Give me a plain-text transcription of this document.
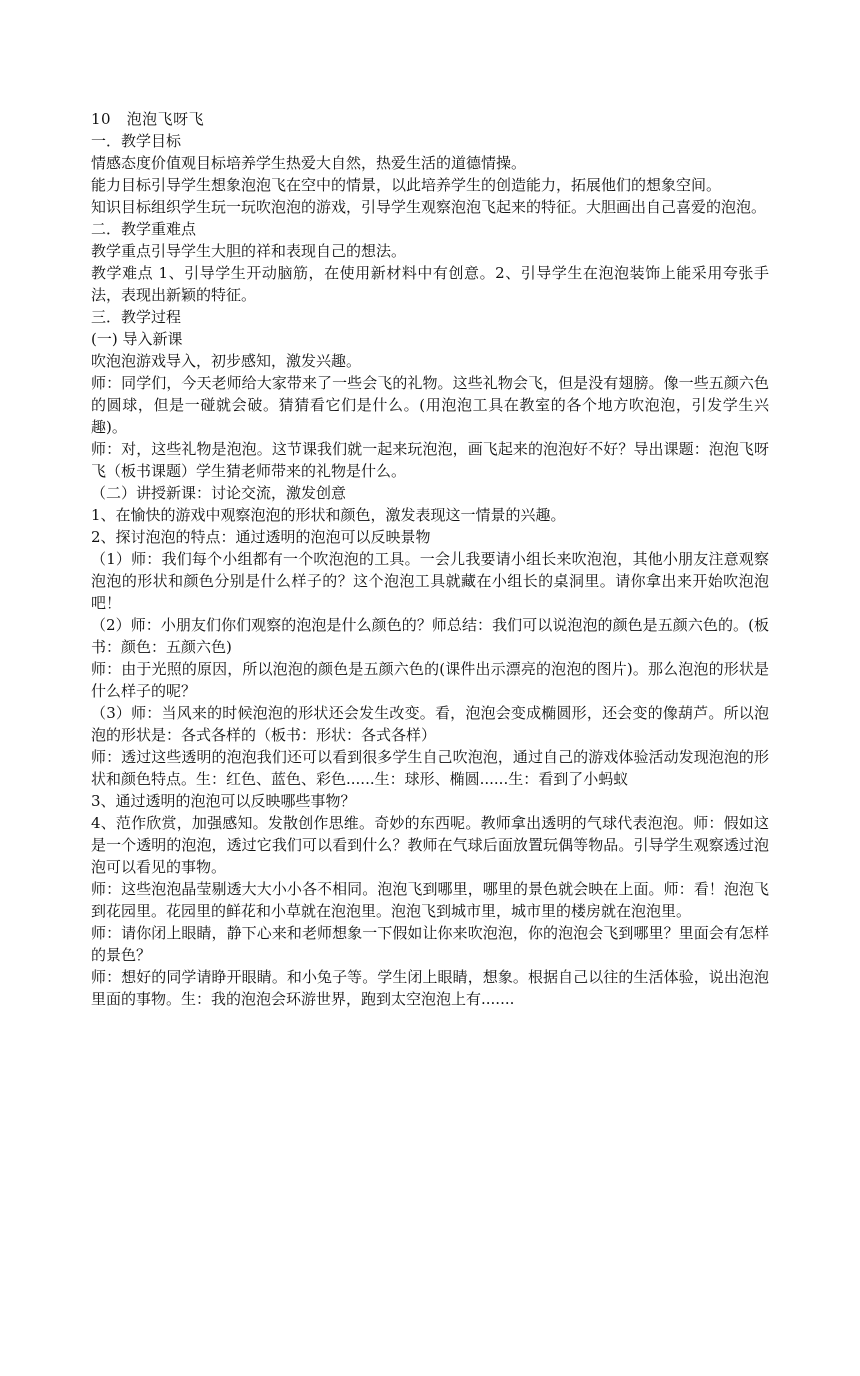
10　泡泡飞呀飞

一．教学目标

情感态度价值观目标培养学生热爱大自然，热爱生活的道德情操。

能力目标引导学生想象泡泡飞在空中的情景，以此培养学生的创造能力，拓展他们的想象空间。

知识目标组织学生玩一玩吹泡泡的游戏，引导学生观察泡泡飞起来的特征。大胆画出自己喜爱的泡泡。

二．教学重难点

教学重点引导学生大胆的祥和表现自己的想法。

教学难点 1、引导学生开动脑筋，在使用新材料中有创意。2、引导学生在泡泡装饰上能采用夸张手法，表现出新颖的特征。

三．教学过程

(一) 导入新课

吹泡泡游戏导入，初步感知，激发兴趣。

师：同学们，今天老师给大家带来了一些会飞的礼物。这些礼物会飞，但是没有翅膀。像一些五颜六色的圆球，但是一碰就会破。猜猜看它们是什么。(用泡泡工具在教室的各个地方吹泡泡，引发学生兴趣)。

师：对，这些礼物是泡泡。这节课我们就一起来玩泡泡，画飞起来的泡泡好不好？导出课题：泡泡飞呀飞（板书课题）学生猜老师带来的礼物是什么。

（二）讲授新课：讨论交流，激发创意

1、在愉快的游戏中观察泡泡的形状和颜色，激发表现这一情景的兴趣。

2、探讨泡泡的特点：通过透明的泡泡可以反映景物

（1）师：我们每个小组都有一个吹泡泡的工具。一会儿我要请小组长来吹泡泡，其他小朋友注意观察泡泡的形状和颜色分别是什么样子的？这个泡泡工具就藏在小组长的桌洞里。请你拿出来开始吹泡泡吧！

（2）师：小朋友们你们观察的泡泡是什么颜色的？师总结：我们可以说泡泡的颜色是五颜六色的。(板书：颜色：五颜六色)

师：由于光照的原因，所以泡泡的颜色是五颜六色的(课件出示漂亮的泡泡的图片)。那么泡泡的形状是什么样子的呢？

（3）师：当风来的时候泡泡的形状还会发生改变。看，泡泡会变成椭圆形，还会变的像葫芦。所以泡泡的形状是：各式各样的（板书：形状：各式各样）

师：透过这些透明的泡泡我们还可以看到很多学生自己吹泡泡，通过自己的游戏体验活动发现泡泡的形状和颜色特点。生：红色、蓝色、彩色......生：球形、椭圆......生：看到了小蚂蚁

3、通过透明的泡泡可以反映哪些事物？

4、范作欣赏，加强感知。发散创作思维。奇妙的东西呢。教师拿出透明的气球代表泡泡。师：假如这是一个透明的泡泡，透过它我们可以看到什么？教师在气球后面放置玩偶等物品。引导学生观察透过泡泡可以看见的事物。

师：这些泡泡晶莹剔透大大小小各不相同。泡泡飞到哪里，哪里的景色就会映在上面。师：看！泡泡飞到花园里。花园里的鲜花和小草就在泡泡里。泡泡飞到城市里，城市里的楼房就在泡泡里。

师：请你闭上眼睛，静下心来和老师想象一下假如让你来吹泡泡，你的泡泡会飞到哪里？里面会有怎样的景色？

师：想好的同学请睁开眼睛。和小兔子等。学生闭上眼睛，想象。根据自己以往的生活体验，说出泡泡里面的事物。生：我的泡泡会环游世界，跑到太空泡泡上有.......
